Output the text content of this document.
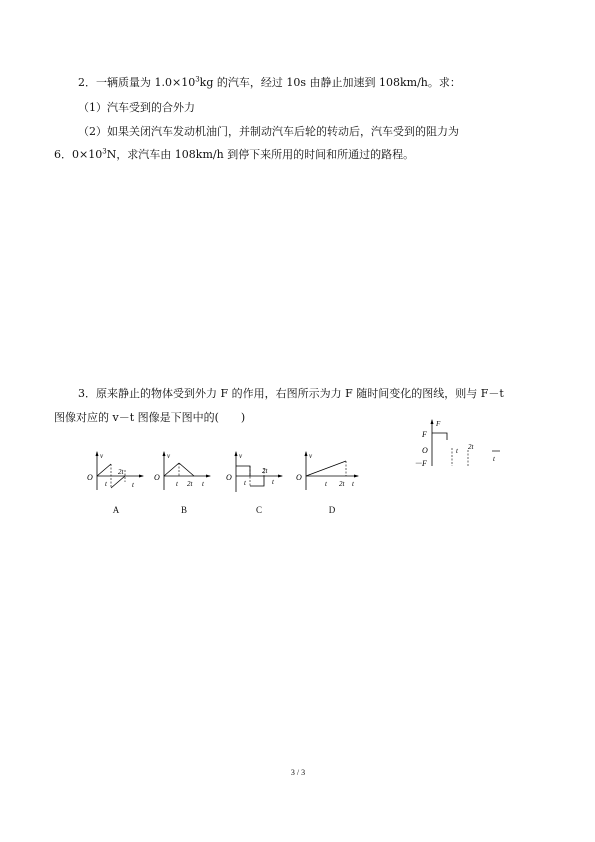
2．一辆质量为 $1.0\times 10^3kg$ 的汽车，经过 10s 由静止加速到 108km/h。求：
（1）汽车受到的合外力
（2）如果关闭汽车发动机油门，并制动汽车后轮的转动后，汽车受到的阻力为
6．$0\times 10^3N$，求汽车由 108km/h 到停下来所用的时间和所通过的路程。
3．原来静止的物体受到外力 F 的作用，右图所示为力 F 随时间变化的图线，则与 F－t
图像对应的 v－t 图像是下图中的(　　)
v
O
2t
t	t
A
v
O
t 2t t
B
v
O
2t
t	t
C
v
O
t 2t t
D
F
F
O
－F
t 2t
t
3 / 3
